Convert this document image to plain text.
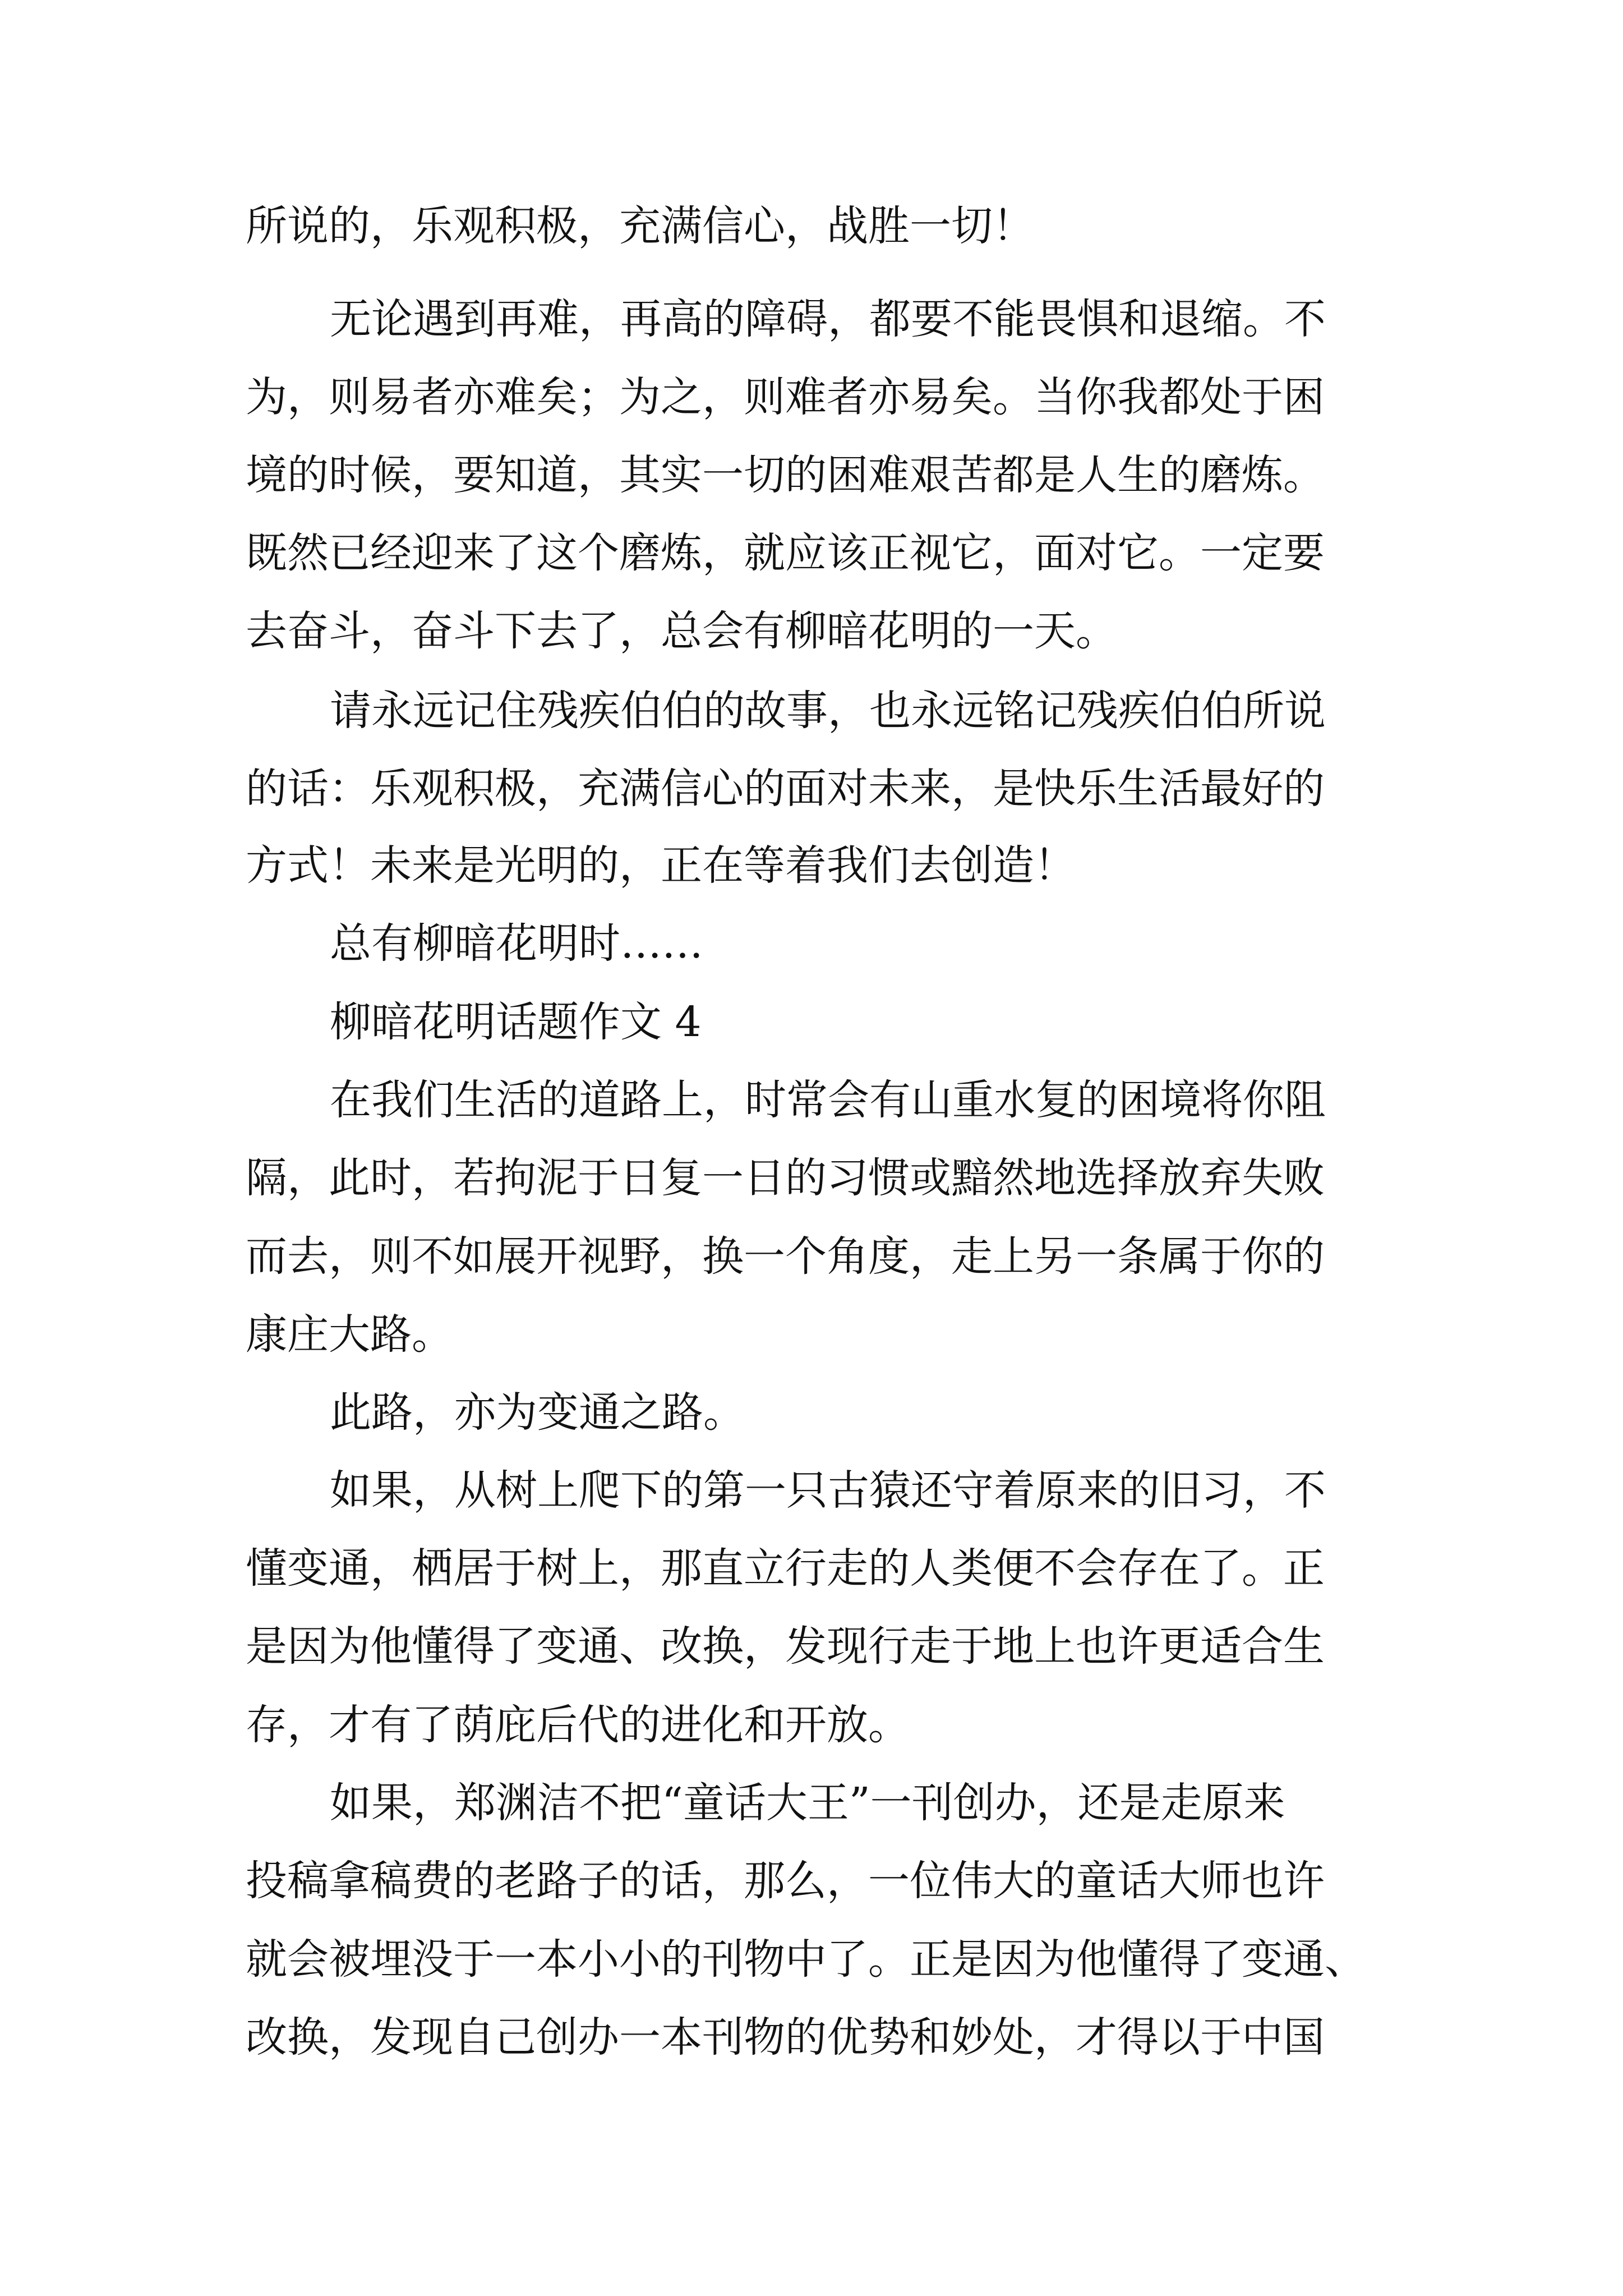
所说的，乐观积极，充满信心，战胜一切！

无论遇到再难，再高的障碍，都要不能畏惧和退缩。不

为，则易者亦难矣；为之，则难者亦易矣。当你我都处于困

境的时候，要知道，其实一切的困难艰苦都是人生的磨炼。

既然已经迎来了这个磨炼，就应该正视它，面对它。一定要

去奋斗，奋斗下去了，总会有柳暗花明的一天。

请永远记住残疾伯伯的故事，也永远铭记残疾伯伯所说

的话：乐观积极，充满信心的面对未来，是快乐生活最好的

方式！未来是光明的，正在等着我们去创造！

总有柳暗花明时……

柳暗花明话题作文 4

在我们生活的道路上，时常会有山重水复的困境将你阻

隔，此时，若拘泥于日复一日的习惯或黯然地选择放弃失败

而去，则不如展开视野，换一个角度，走上另一条属于你的

康庄大路。

此路，亦为变通之路。

如果，从树上爬下的第一只古猿还守着原来的旧习，不

懂变通，栖居于树上，那直立行走的人类便不会存在了。正

是因为他懂得了变通、改换，发现行走于地上也许更适合生

存，才有了荫庇后代的进化和开放。

如果，郑渊洁不把“童话大王”一刊创办，还是走原来

投稿拿稿费的老路子的话，那么，一位伟大的童话大师也许

就会被埋没于一本小小的刊物中了。正是因为他懂得了变通、

改换，发现自己创办一本刊物的优势和妙处，才得以于中国
